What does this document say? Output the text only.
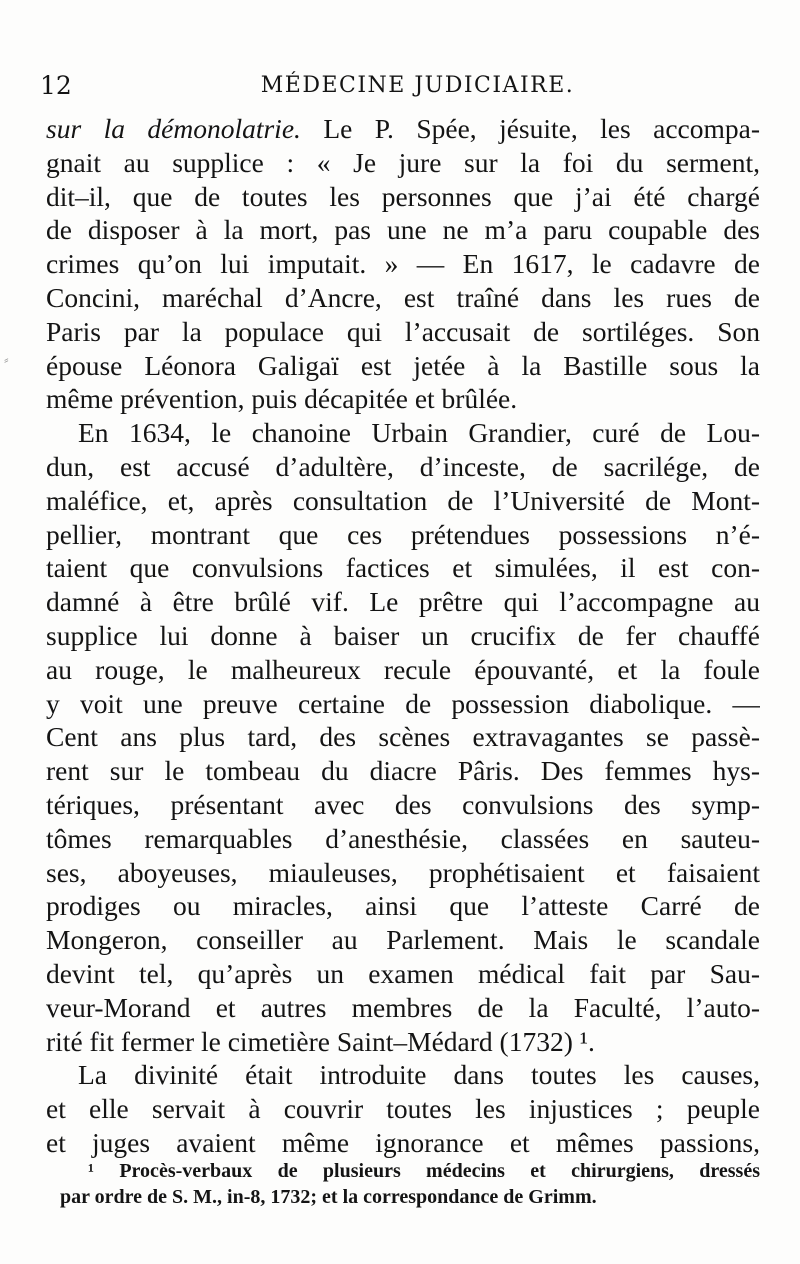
12	MÉDECINE JUDICIAIRE.
sur la démonolatrie. Le P. Spée, jésuite, les accompa-
gnait au supplice : « Je jure sur la foi du serment,
dit–il, que de toutes les personnes que j’ai été chargé
de disposer à la mort, pas une ne m’a paru coupable des
crimes qu’on lui imputait. » — En 1617, le cadavre de
Concini, maréchal d’Ancre, est traîné dans les rues de
Paris par la populace qui l’accusait de sortiléges. Son
épouse Léonora Galigaï est jetée à la Bastille sous la
même prévention, puis décapitée et brûlée.
En 1634, le chanoine Urbain Grandier, curé de Lou-
dun, est accusé d’adultère, d’inceste, de sacrilége, de
maléfice, et, après consultation de l’Université de Mont-
pellier, montrant que ces prétendues possessions n’é-
taient que convulsions factices et simulées, il est con-
damné à être brûlé vif. Le prêtre qui l’accompagne au
supplice lui donne à baiser un crucifix de fer chauffé
au rouge, le malheureux recule épouvanté, et la foule
y voit une preuve certaine de possession diabolique. —
Cent ans plus tard, des scènes extravagantes se passè-
rent sur le tombeau du diacre Pâris. Des femmes hys-
tériques, présentant avec des convulsions des symp-
tômes remarquables d’anesthésie, classées en sauteu-
ses, aboyeuses, miauleuses, prophétisaient et faisaient
prodiges ou miracles, ainsi que l’atteste Carré de
Mongeron, conseiller au Parlement. Mais le scandale
devint tel, qu’après un examen médical fait par Sau-
veur-Morand et autres membres de la Faculté, l’auto-
rité fit fermer le cimetière Saint–Médard (1732) ¹.
La divinité était introduite dans toutes les causes,
et elle servait à couvrir toutes les injustices ; peuple
et juges avaient même ignorance et mêmes passions,
¹ Procès-verbaux de plusieurs médecins et chirurgiens, dressés
par ordre de S. M., in-8, 1732; et la correspondance de Grimm.
⸗
